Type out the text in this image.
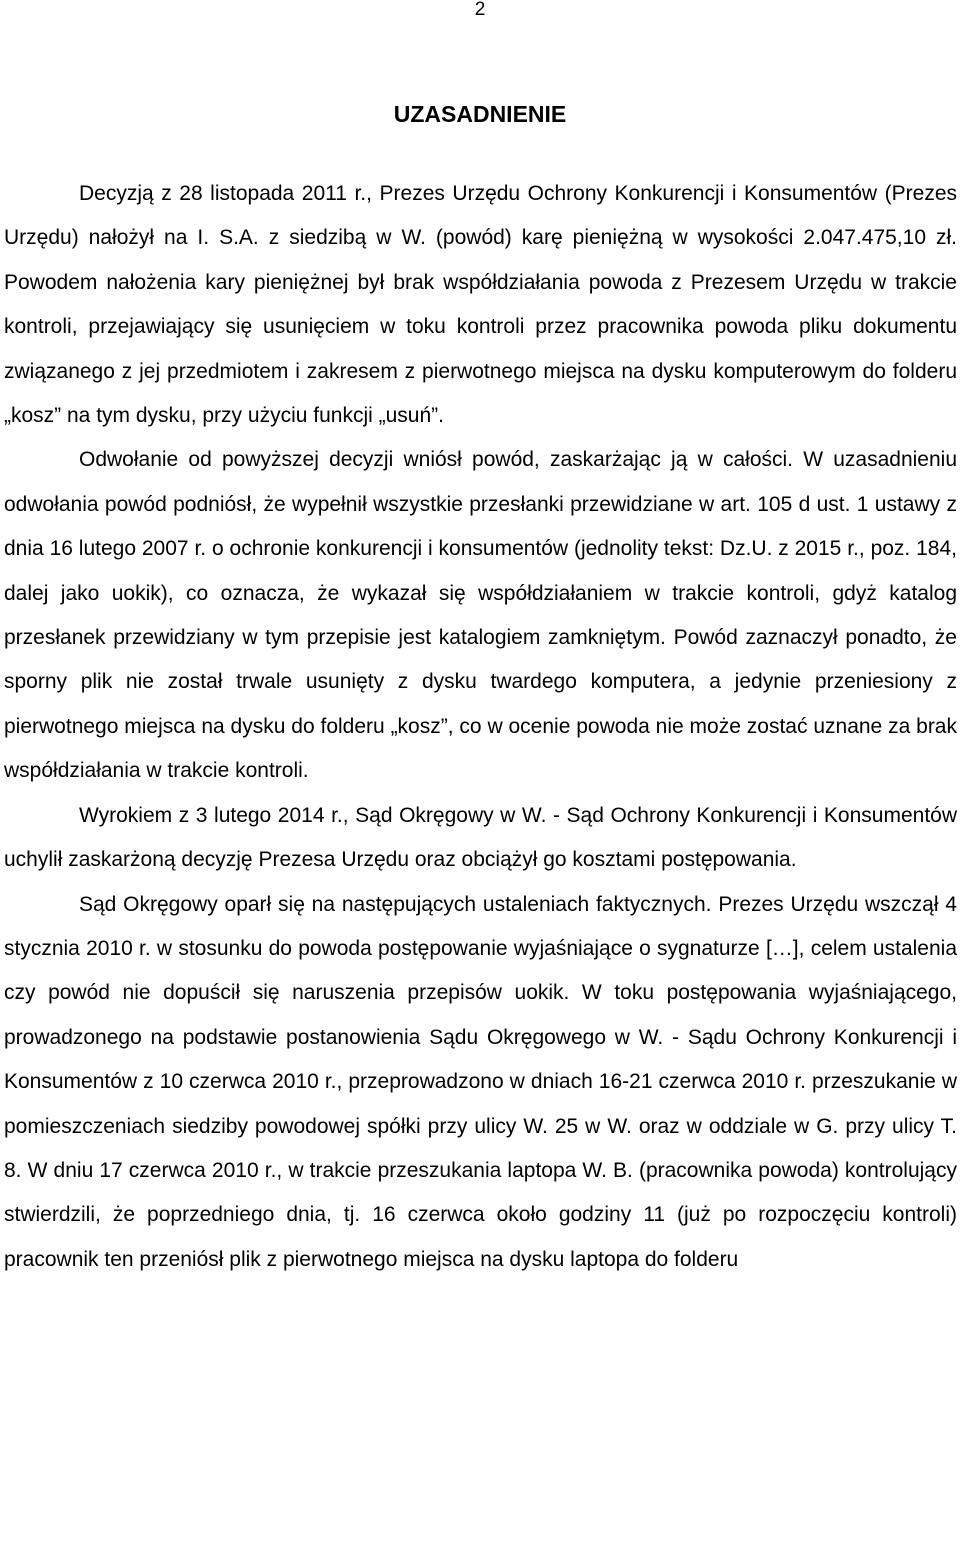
2
UZASADNIENIE

Decyzją z 28 listopada 2011 r., Prezes Urzędu Ochrony Konkurencji i Konsumentów (Prezes Urzędu) nałożył na I. S.A. z siedzibą w W. (powód) karę pieniężną w wysokości 2.047.475,10 zł. Powodem nałożenia kary pieniężnej był brak współdziałania powoda z Prezesem Urzędu w trakcie kontroli, przejawiający się usunięciem w toku kontroli przez pracownika powoda pliku dokumentu związanego z jej przedmiotem i zakresem z pierwotnego miejsca na dysku komputerowym do folderu „kosz” na tym dysku, przy użyciu funkcji „usuń”.

Odwołanie od powyższej decyzji wniósł powód, zaskarżając ją w całości. W uzasadnieniu odwołania powód podniósł, że wypełnił wszystkie przesłanki przewidziane w art. 105 d ust. 1 ustawy z dnia 16 lutego 2007 r. o ochronie konkurencji i konsumentów (jednolity tekst: Dz.U. z 2015 r., poz. 184, dalej jako uokik), co oznacza, że wykazał się współdziałaniem w trakcie kontroli, gdyż katalog przesłanek przewidziany w tym przepisie jest katalogiem zamkniętym. Powód zaznaczył ponadto, że sporny plik nie został trwale usunięty z dysku twardego komputera, a jedynie przeniesiony z pierwotnego miejsca na dysku do folderu „kosz”, co w ocenie powoda nie może zostać uznane za brak współdziałania w trakcie kontroli.

Wyrokiem z 3 lutego 2014 r., Sąd Okręgowy w W. - Sąd Ochrony Konkurencji i Konsumentów uchylił zaskarżoną decyzję Prezesa Urzędu oraz obciążył go kosztami postępowania.

Sąd Okręgowy oparł się na następujących ustaleniach faktycznych. Prezes Urzędu wszczął 4 stycznia 2010 r. w stosunku do powoda postępowanie wyjaśniające o sygnaturze […], celem ustalenia czy powód nie dopuścił się naruszenia przepisów uokik. W toku postępowania wyjaśniającego, prowadzonego na podstawie postanowienia Sądu Okręgowego w W. - Sądu Ochrony Konkurencji i Konsumentów z 10 czerwca 2010 r., przeprowadzono w dniach 16-21 czerwca 2010 r. przeszukanie w pomieszczeniach siedziby powodowej spółki przy ulicy W. 25 w W. oraz w oddziale w G. przy ulicy T. 8. W dniu 17 czerwca 2010 r., w trakcie przeszukania laptopa W. B. (pracownika powoda) kontrolujący stwierdzili, że poprzedniego dnia, tj. 16 czerwca około godziny 11 (już po rozpoczęciu kontroli) pracownik ten przeniósł plik z pierwotnego miejsca na dysku laptopa do folderu
